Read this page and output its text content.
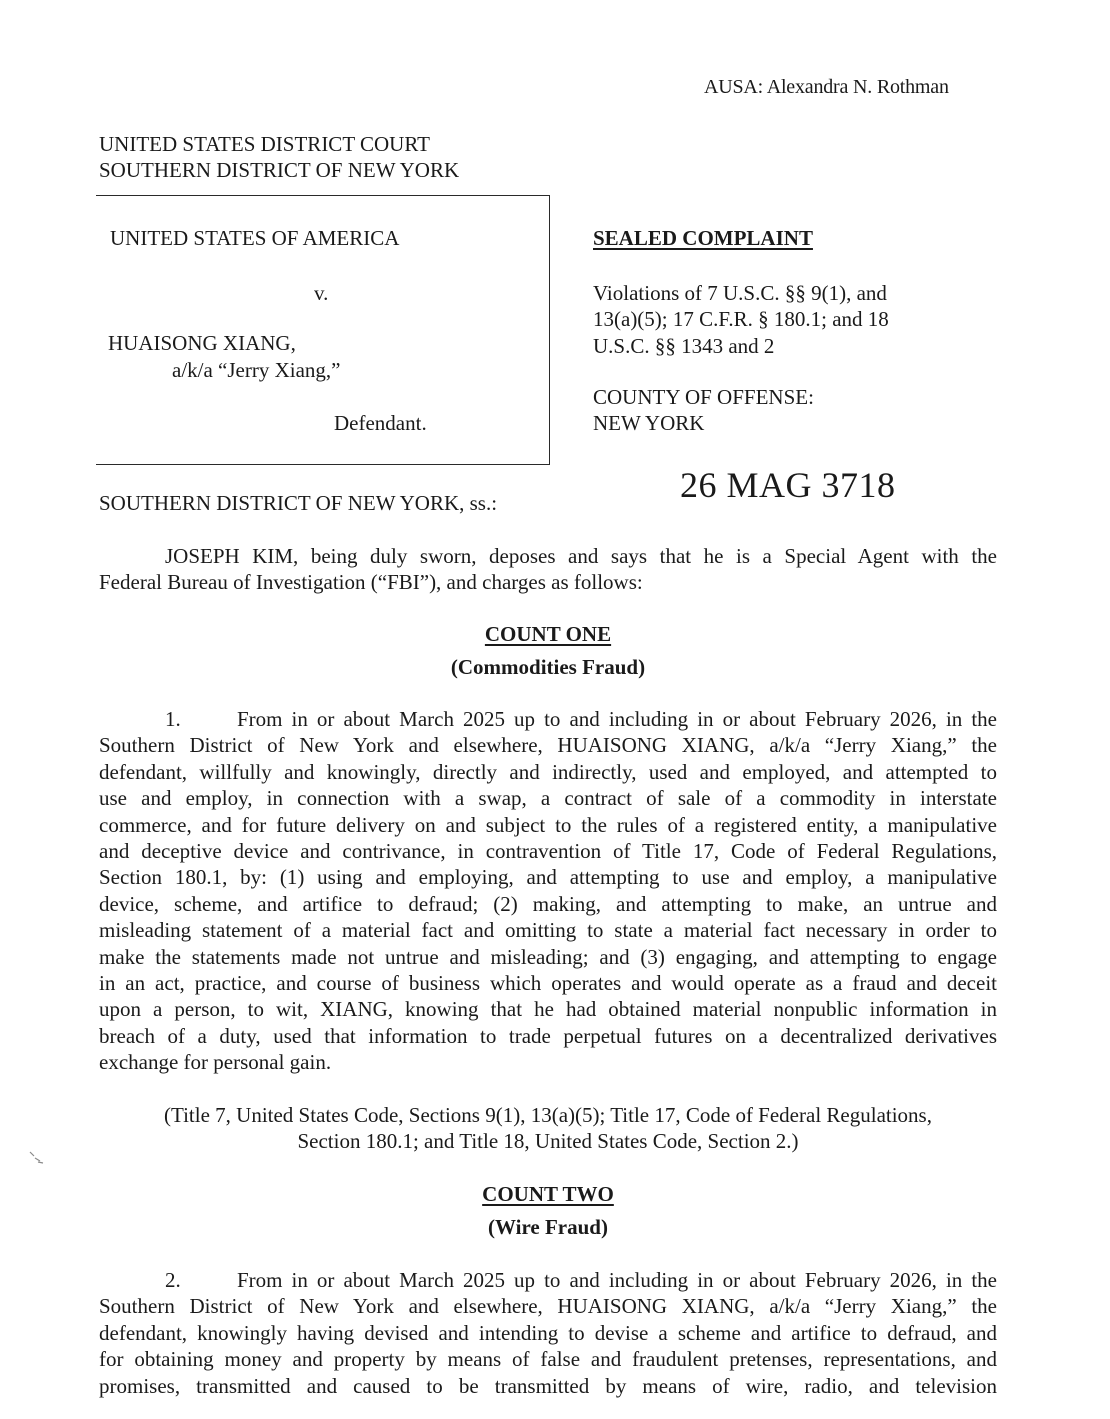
AUSA: Alexandra N. Rothman
UNITED STATES DISTRICT COURT
SOUTHERN DISTRICT OF NEW YORK
UNITED STATES OF AMERICA
v.
HUAISONG XIANG,
a/k/a “Jerry Xiang,”
Defendant.
SEALED COMPLAINT
Violations of 7 U.S.C. §§ 9(1), and
13(a)(5); 17 C.F.R. § 180.1; and 18
U.S.C. §§ 1343 and 2
COUNTY OF OFFENSE:
NEW YORK
26 MAG 3718
SOUTHERN DISTRICT OF NEW YORK, ss.:
JOSEPH KIM, being duly sworn, deposes and says that he is a Special Agent with the
Federal Bureau of Investigation (“FBI”), and charges as follows:
COUNT ONE
(Commodities Fraud)
1.	From in or about March 2025 up to and including in or about February 2026, in the
Southern District of New York and elsewhere, HUAISONG XIANG, a/k/a “Jerry Xiang,” the
defendant, willfully and knowingly, directly and indirectly, used and employed, and attempted to
use and employ, in connection with a swap, a contract of sale of a commodity in interstate
commerce, and for future delivery on and subject to the rules of a registered entity, a manipulative
and deceptive device and contrivance, in contravention of Title 17, Code of Federal Regulations,
Section 180.1, by: (1) using and employing, and attempting to use and employ, a manipulative
device, scheme, and artifice to defraud; (2) making, and attempting to make, an untrue and
misleading statement of a material fact and omitting to state a material fact necessary in order to
make the statements made not untrue and misleading; and (3) engaging, and attempting to engage
in an act, practice, and course of business which operates and would operate as a fraud and deceit
upon a person, to wit, XIANG, knowing that he had obtained material nonpublic information in
breach of a duty, used that information to trade perpetual futures on a decentralized derivatives
exchange for personal gain.
(Title 7, United States Code, Sections 9(1), 13(a)(5); Title 17, Code of Federal Regulations,
Section 180.1; and Title 18, United States Code, Section 2.)
COUNT TWO
(Wire Fraud)
2.	From in or about March 2025 up to and including in or about February 2026, in the
Southern District of New York and elsewhere, HUAISONG XIANG, a/k/a “Jerry Xiang,” the
defendant, knowingly having devised and intending to devise a scheme and artifice to defraud, and
for obtaining money and property by means of false and fraudulent pretenses, representations, and
promises, transmitted and caused to be transmitted by means of wire, radio, and television
